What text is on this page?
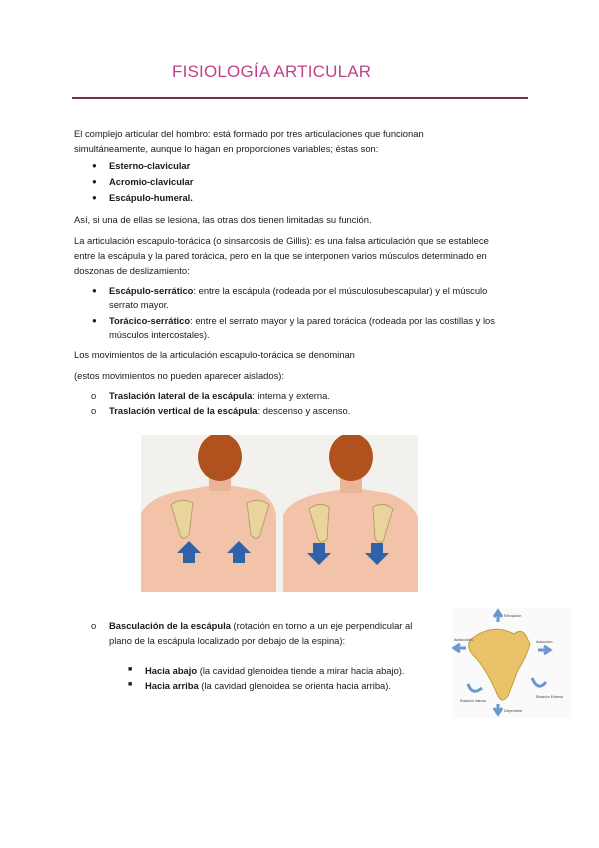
FISIOLOGÍA ARTICULAR
El complejo articular del hombro: está formado por tres articulaciones que funcionan
simultáneamente, aunque lo hagan en proporciones variables; éstas son:
● Esterno-clavicular
● Acromio-clavicular
● Escápulo-humeral.
Así, si una de ellas se lesiona, las otras dos tienen limitadas su función.
La articulación escapulo-torácica (o sinsarcosis de Gillis): es una falsa articulación que se establece
entre la escápula y la pared torácica, pero en la que se interponen varios músculos determinado en
doszonas de deslizamiento:
● Escápulo-serrático: entre la escápula (rodeada por el músculosubescapular) y el músculo
serrato mayor.
● Torácico-serrático: entre el serrato mayor y la pared torácica (rodeada por las costillas y los
músculos intercostales).
Los movimientos de la articulación escapulo-torácica se denominan
(estos movimientos no pueden aparecer aislados):
o Traslación lateral de la escápula: interna y externa.
o Traslación vertical de la escápula: descenso y ascenso.
o Basculación de la escápula (rotación en torno a un eje perpendicular al
plano de la escápula localizado por debajo de la espina):
■ Hacia abajo (la cavidad glenoidea tiende a mirar hacia abajo).
■ Hacia arriba (la cavidad glenoidea se orienta hacia arriba).
Elevación
Abducción	Aducción
Depresión
Rotación Interna
Rotación Externa
